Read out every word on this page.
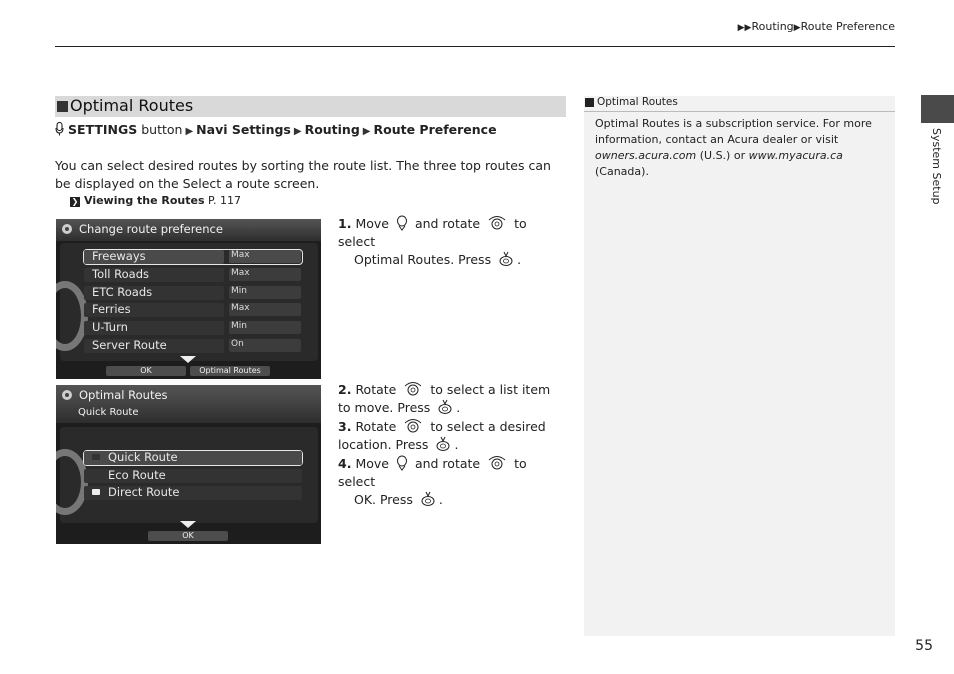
▶▶Routing▶Route Preference
System Setup
55
Optimal Routes
SETTINGS button ▶ Navi Settings ▶ Routing ▶ Route Preference
You can select desired routes by sorting the route list. The three top routes can be displayed on the Select a route screen.
❯ Viewing the Routes P. 117
Change route preference
Freeways	Max
Toll Roads	Max
ETC Roads	Min
Ferries	Max
U-Turn	Min
Server Route	On
OK	Optimal Routes
Optimal Routes
Quick Route
Quick Route
Eco Route
Direct Route
OK
1. Move and rotate	to select
Optimal Routes. Press .
2. Rotate	to select a list item to move. Press .
3. Rotate	to select a desired location. Press .
4. Move and rotate	to select
OK. Press .
Optimal Routes
Optimal Routes is a subscription service. For more information, contact an Acura dealer or visit owners.acura.com (U.S.) or www.myacura.ca (Canada).
